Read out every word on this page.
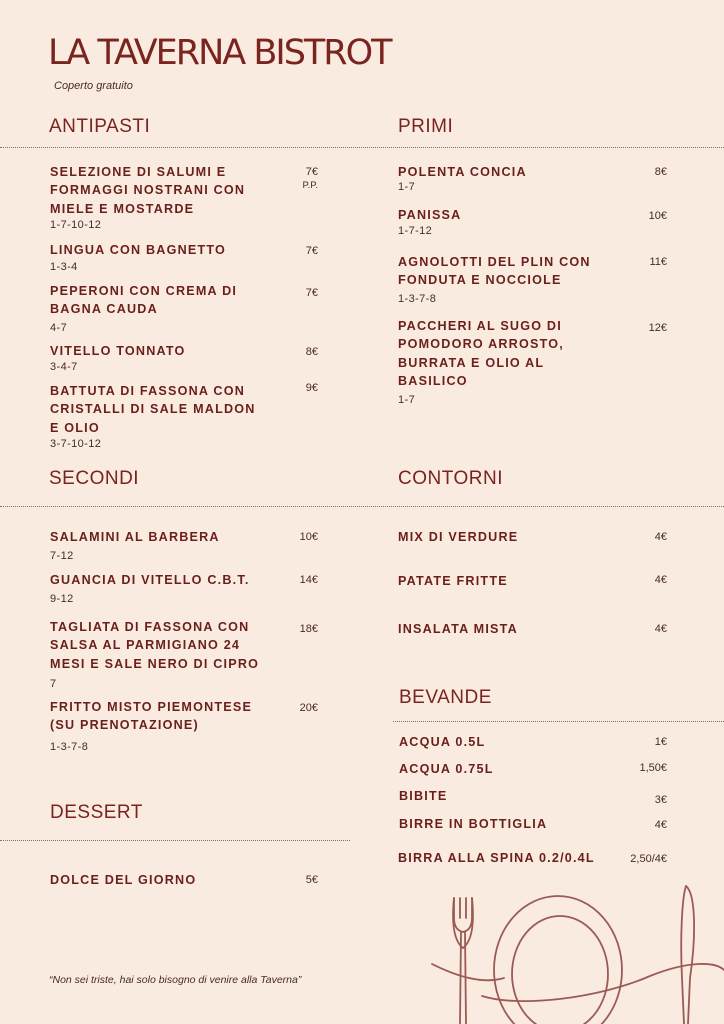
LA TAVERNA BISTROT
Coperto gratuito
ANTIPASTI	PRIMI
SELEZIONE DI SALUMI E FORMAGGI NOSTRANI CON MIELE E MOSTARDE
1-7-10-12
7€
P.P.
LINGUA CON BAGNETTO
1-3-4
7€
PEPERONI CON CREMA DI BAGNA CAUDA
4-7
7€
VITELLO TONNATO
3-4-7
8€
BATTUTA DI FASSONA CON CRISTALLI DI SALE MALDON E OLIO
3-7-10-12
9€
POLENTA CONCIA
1-7
8€
PANISSA
1-7-12
10€
AGNOLOTTI DEL PLIN CON FONDUTA E NOCCIOLE
1-3-7-8
11€
PACCHERI AL SUGO DI POMODORO ARROSTO, BURRATA E OLIO AL BASILICO
1-7
12€
SECONDI	CONTORNI
SALAMINI AL BARBERA
7-12
10€
GUANCIA DI VITELLO C.B.T.
9-12
14€
TAGLIATA DI FASSONA CON SALSA AL PARMIGIANO 24 MESI E SALE NERO DI CIPRO
7
18€
FRITTO MISTO PIEMONTESE (SU PRENOTAZIONE)
1-3-7-8
20€
MIX DI VERDURE	4€
PATATE FRITTE	4€
INSALATA MISTA	4€
BEVANDE
ACQUA 0.5L	1€
ACQUA 0.75L	1,50€
BIBITE	3€
BIRRE IN BOTTIGLIA	4€
BIRRA ALLA SPINA 0.2/0.4L	2,50/4€
DESSERT
DOLCE DEL GIORNO	5€
“Non sei triste, hai solo bisogno di venire alla Taverna”
